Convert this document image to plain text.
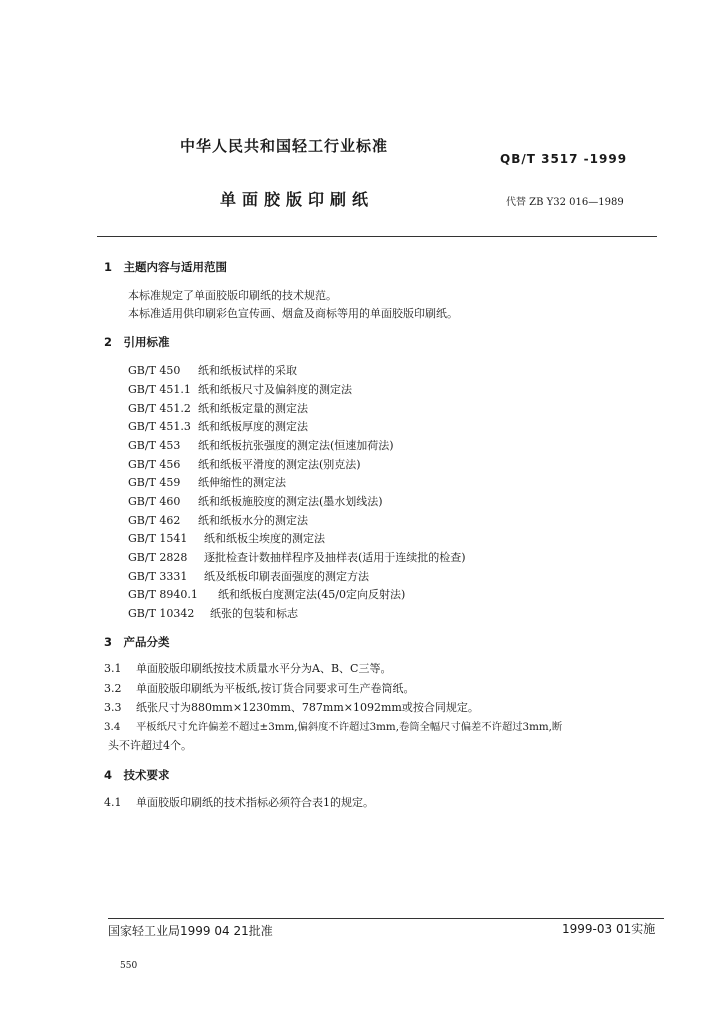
中华人民共和国轻工行业标准
QB/T 3517 -1999
单面胶版印刷纸	代替 ZB Y32 016—1989
1　主题内容与适用范围
本标准规定了单面胶版印刷纸的技术规范。
本标准适用供印刷彩色宣传画、烟盒及商标等用的单面胶版印刷纸。
2　引用标准
GB/T 450 纸和纸板试样的采取
GB/T 451.1 纸和纸板尺寸及偏斜度的测定法
GB/T 451.2 纸和纸板定量的测定法
GB/T 451.3 纸和纸板厚度的测定法
GB/T 453 纸和纸板抗张强度的测定法(恒速加荷法)
GB/T 456 纸和纸板平滑度的测定法(别克法)
GB/T 459 纸伸缩性的测定法
GB/T 460 纸和纸板施胶度的测定法(墨水划线法)
GB/T 462 纸和纸板水分的测定法
GB/T 1541 纸和纸板尘埃度的测定法
GB/T 2828 逐批检查计数抽样程序及抽样表(适用于连续批的检查)
GB/T 3331 纸及纸板印刷表面强度的测定方法
GB/T 8940.1 纸和纸板白度测定法(45/0定向反射法)
GB/T 10342 纸张的包装和标志
3　产品分类
3.1 单面胶版印刷纸按技术质量水平分为A、B、C三等。
3.2 单面胶版印刷纸为平板纸,按订货合同要求可生产卷筒纸。
3.3 纸张尺寸为880mm×1230mm、787mm×1092mm或按合同规定。
3.4 平板纸尺寸允许偏差不超过±3mm,偏斜度不许超过3mm,卷筒全幅尺寸偏差不许超过3mm,断
头不许超过4个。
4　技术要求
4.1 单面胶版印刷纸的技术指标必须符合表1的规定。
国家轻工业局1999 04 21批准	1999-03 01实施
550
